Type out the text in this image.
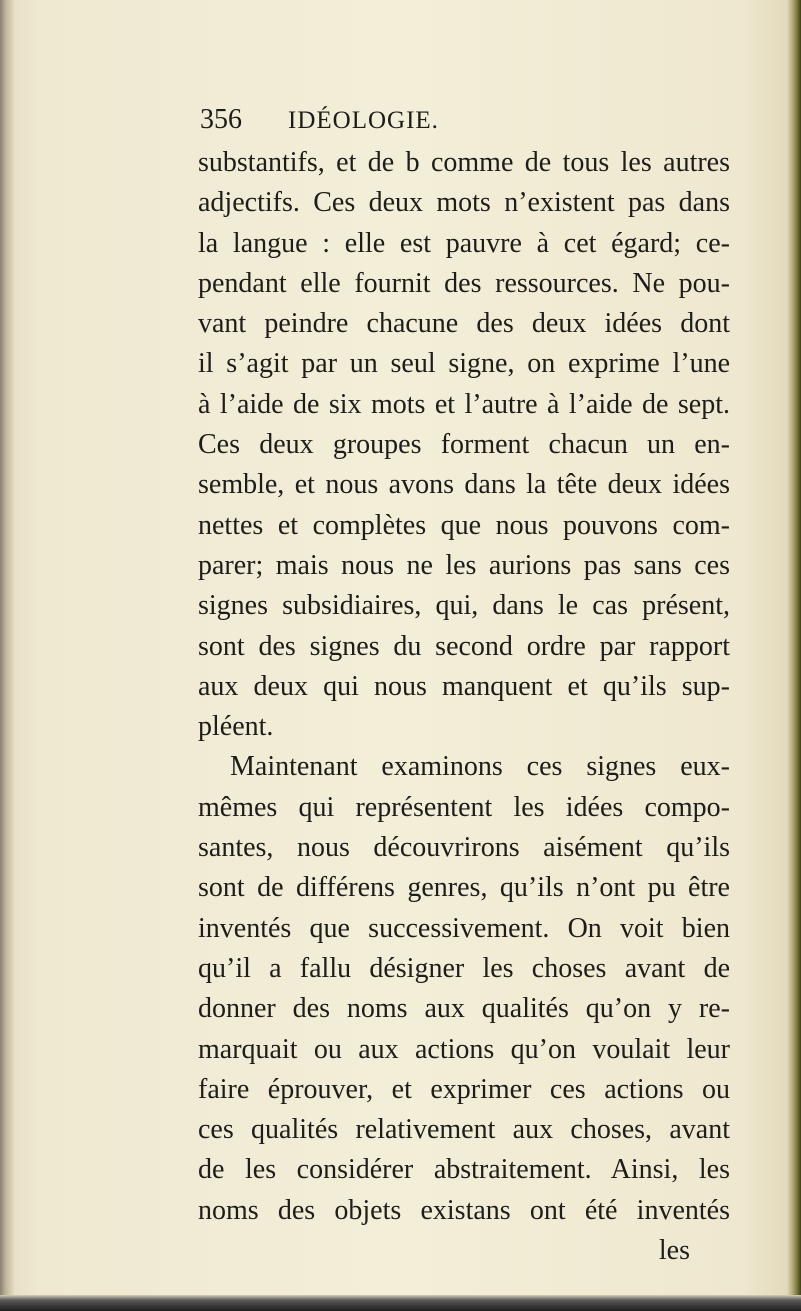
356 IDÉOLOGIE.
substantifs, et de b comme de tous les autres
adjectifs. Ces deux mots n’existent pas dans
la langue : elle est pauvre à cet égard; ce-
pendant elle fournit des ressources. Ne pou-
vant peindre chacune des deux idées dont
il s’agit par un seul signe, on exprime l’une
à l’aide de six mots et l’autre à l’aide de sept.
Ces deux groupes forment chacun un en-
semble, et nous avons dans la tête deux idées
nettes et complètes que nous pouvons com-
parer; mais nous ne les aurions pas sans ces
signes subsidiaires, qui, dans le cas présent,
sont des signes du second ordre par rapport
aux deux qui nous manquent et qu’ils sup-
pléent.
Maintenant examinons ces signes eux-
mêmes qui représentent les idées compo-
santes, nous découvrirons aisément qu’ils
sont de différens genres, qu’ils n’ont pu être
inventés que successivement. On voit bien
qu’il a fallu désigner les choses avant de
donner des noms aux qualités qu’on y re-
marquait ou aux actions qu’on voulait leur
faire éprouver, et exprimer ces actions ou
ces qualités relativement aux choses, avant
de les considérer abstraitement. Ainsi, les
noms des objets existans ont été inventés
les
